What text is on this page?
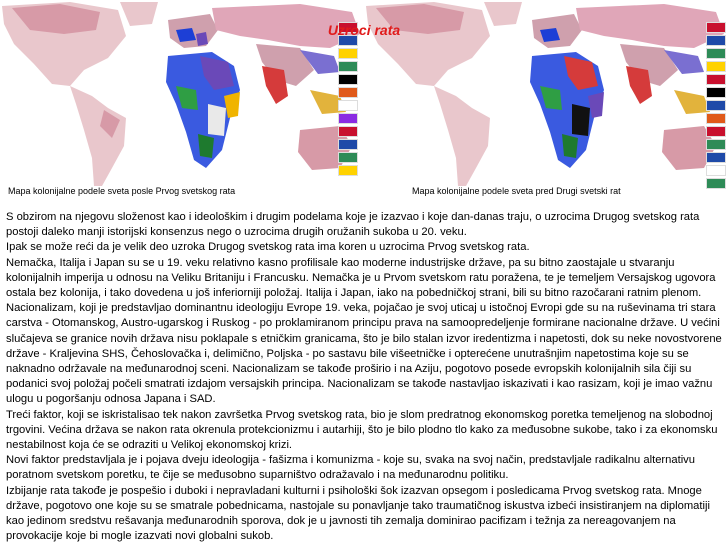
Uzroci rata
Mapa kolonijalne podele sveta posle Prvog svetskog rata	Mapa kolonijalne podele sveta pred Drugi svetski rat

S obzirom na njegovu složenost kao i ideološkim i drugim podelama koje je izazvao i koje dan-danas traju, o uzrocima Drugog svetskog rata postoji daleko manji istorijski konsenzus nego o uzrocima drugih oružanih sukoba u 20. veku.

Ipak se može reći da je velik deo uzroka Drugog svetskog rata ima koren u uzrocima Prvog svetskog rata.

Nemačka, Italija i Japan su se u 19. veku relativno kasno profilisale kao moderne industrijske države, pa su bitno zaostajale u stvaranju kolonijalnih imperija u odnosu na Veliku Britaniju i Francusku. Nemačka je u Prvom svetskom ratu poražena, te je temeljem Versajskog ugovora ostala bez kolonija, i tako dovedena u još inferiorniji položaj. Italija i Japan, iako na pobedničkoj strani, bili su bitno razočarani ratnim plenom.

Nacionalizam, koji je predstavljao dominantnu ideologiju Evrope 19. veka, pojačao je svoj uticaj u istočnoj Evropi gde su na ruševinama tri stara carstva - Otomanskog, Austro-ugarskog i Ruskog - po proklamiranom principu prava na samoopredeljenje formirane nacionalne države. U većini slučajeva se granice novih država nisu poklapale s etničkim granicama, što je bilo stalan izvor iredentizma i napetosti, dok su neke novostvorene države - Kraljevina SHS, Čehoslovačka i, delimično, Poljska - po sastavu bile višeetničke i opterećene unutrašnjim napetostima koje su se naknadno održavale na međunarodnoj sceni. Nacionalizam se takođe proširio i na Aziju, pogotovo posede evropskih kolonijalnih sila čiji su podanici svoj položaj počeli smatrati izdajom versajskih principa. Nacionalizam se takođe nastavljao iskazivati i kao rasizam, koji je imao važnu ulogu u pogoršanju odnosa Japana i SAD.

Treći faktor, koji se iskristalisao tek nakon završetka Prvog svetskog rata, bio je slom predratnog ekonomskog poretka temeljenog na slobodnoj trgovini. Većina država se nakon rata okrenula protekcionizmu i autarhiji, što je bilo plodno tlo kako za međusobne sukobe, tako i za ekonomsku nestabilnost koja će se odraziti u Velikoj ekonomskoj krizi.

Novi faktor predstavljala je i pojava dveju ideologija - fašizma i komunizma - koje su, svaka na svoj način, predstavljale radikalnu alternativu poratnom svetskom poretku, te čije se međusobno suparništvo odražavalo i na međunarodnu politiku.

Izbijanje rata takođe je pospešio i duboki i nepravladani kulturni i psihološki šok izazvan opsegom i posledicama Prvog svetskog rata. Mnoge države, pogotovo one koje su se smatrale pobednicama, nastojale su ponavljanje tako traumatičnog iskustva izbeći insistiranjem na diplomatiji kao jedinom sredstvu rešavanja međunarodnih sporova, dok je u javnosti tih zemalja dominirao pacifizam i težnja za nereagovanjem na provokacije koje bi mogle izazvati novi globalni sukob.
